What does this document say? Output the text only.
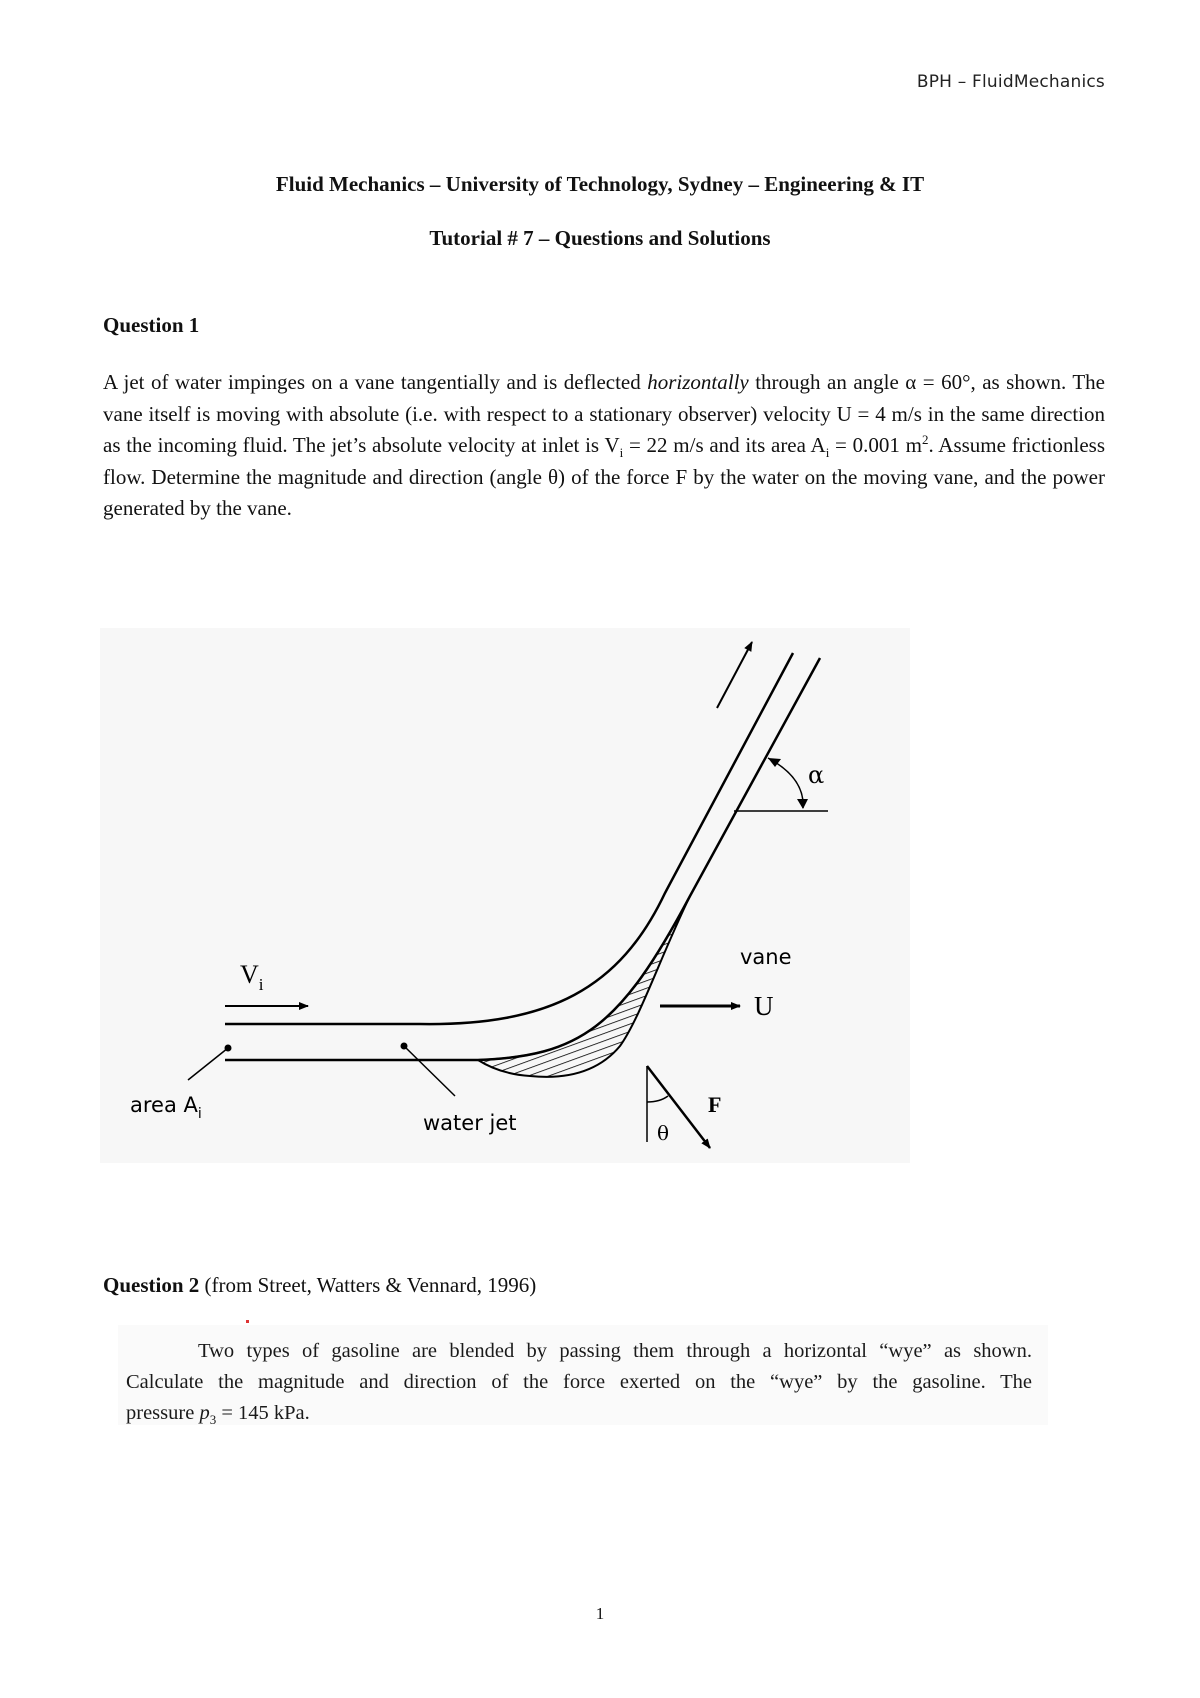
BPH – FluidMechanics
Fluid Mechanics – University of Technology, Sydney – Engineering & IT
Tutorial # 7 – Questions and Solutions
Question 1
A jet of water impinges on a vane tangentially and is deflected horizontally through an angle α = 60°, as shown. The vane itself is moving with absolute (i.e. with respect to a stationary observer) velocity U = 4 m/s in the same direction as the incoming fluid. The jet’s absolute velocity at inlet is $V_i = 22$ m/s and its area $A_i = 0.001$ $m^2$. Assume frictionless flow. Determine the magnitude and direction (angle θ) of the force F by the water on the moving vane, and the power generated by the vane.
α
$V_i$
area $A_i$	water jet
vane
U
F
θ
Question 2 (from Street, Watters & Vennard, 1996)
Two types of gasoline are blended by passing them through a horizontal “wye” as shown.
Calculate the magnitude and direction of the force exerted on the “wye” by the gasoline. The
pressure $p_3 = 145$ kPa.
1
